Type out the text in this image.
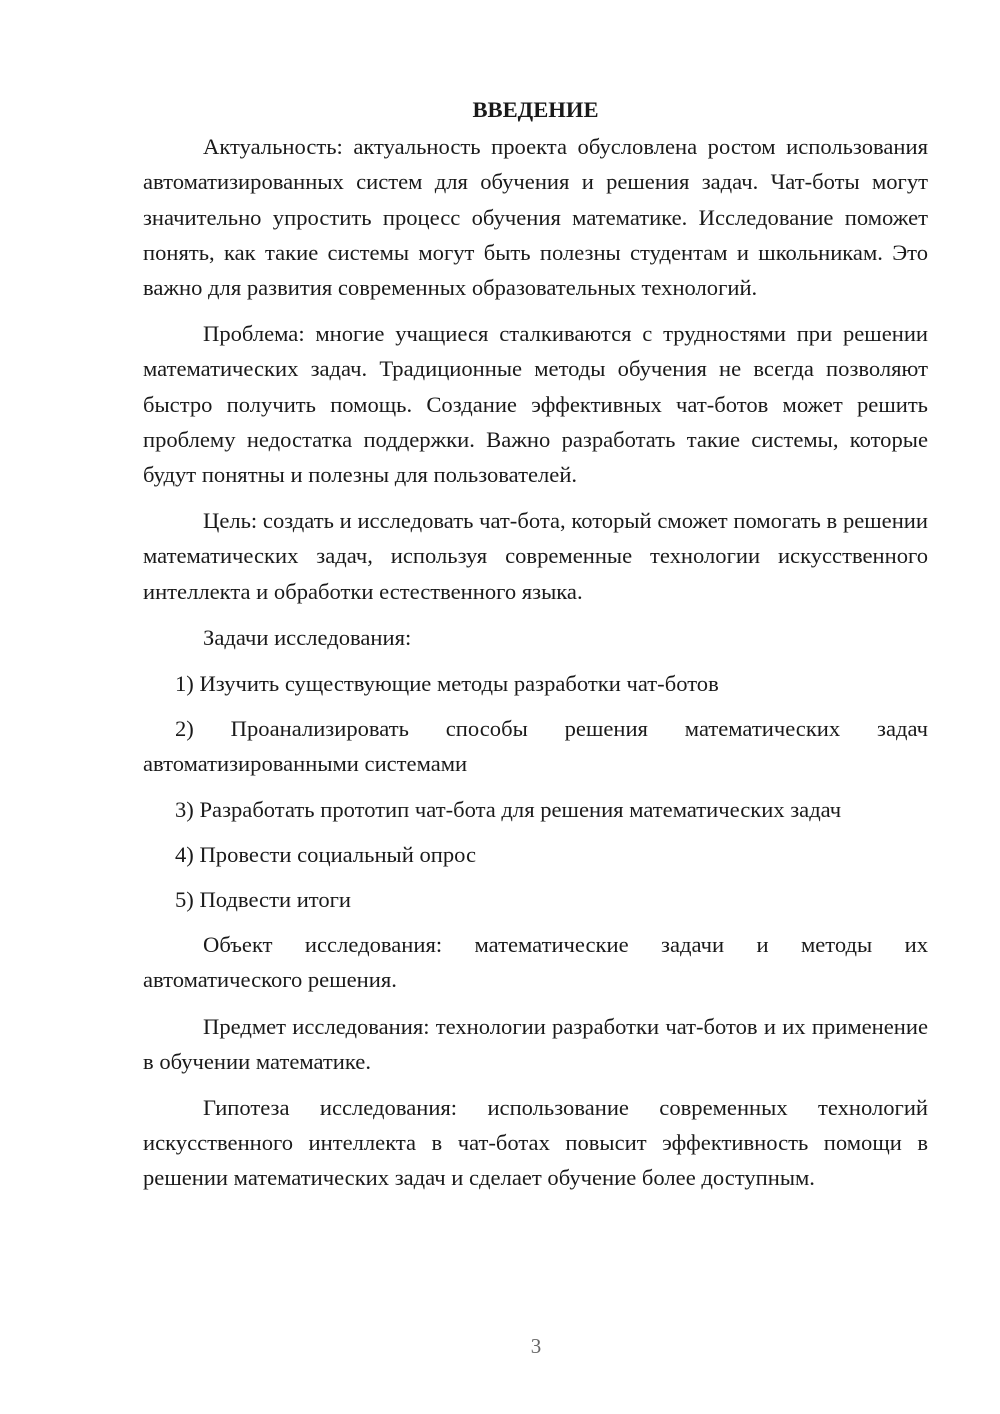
ВВЕДЕНИЕ

Актуальность: актуальность проекта обусловлена ростом использования автоматизированных систем для обучения и решения задач. Чат-боты могут значительно упростить процесс обучения математике. Исследование поможет понять, как такие системы могут быть полезны студентам и школьникам. Это важно для развития современных образовательных технологий.

Проблема: многие учащиеся сталкиваются с трудностями при решении математических задач. Традиционные методы обучения не всегда позволяют быстро получить помощь. Создание эффективных чат-ботов может решить проблему недостатка поддержки. Важно разработать такие системы, которые будут понятны и полезны для пользователей.

Цель: создать и исследовать чат-бота, который сможет помогать в решении математических задач, используя современные технологии искусственного интеллекта и обработки естественного языка.

Задачи исследования:

1) Изучить существующие методы разработки чат-ботов

2) Проанализировать способы решения математических задач автоматизированными системами

3) Разработать прототип чат-бота для решения математических задач

4) Провести социальный опрос

5) Подвести итоги

Объект исследования: математические задачи и методы их автоматического решения.

Предмет исследования: технологии разработки чат-ботов и их применение в обучении математике.

Гипотеза исследования: использование современных технологий искусственного интеллекта в чат-ботах повысит эффективность помощи в решении математических задач и сделает обучение более доступным.

3
